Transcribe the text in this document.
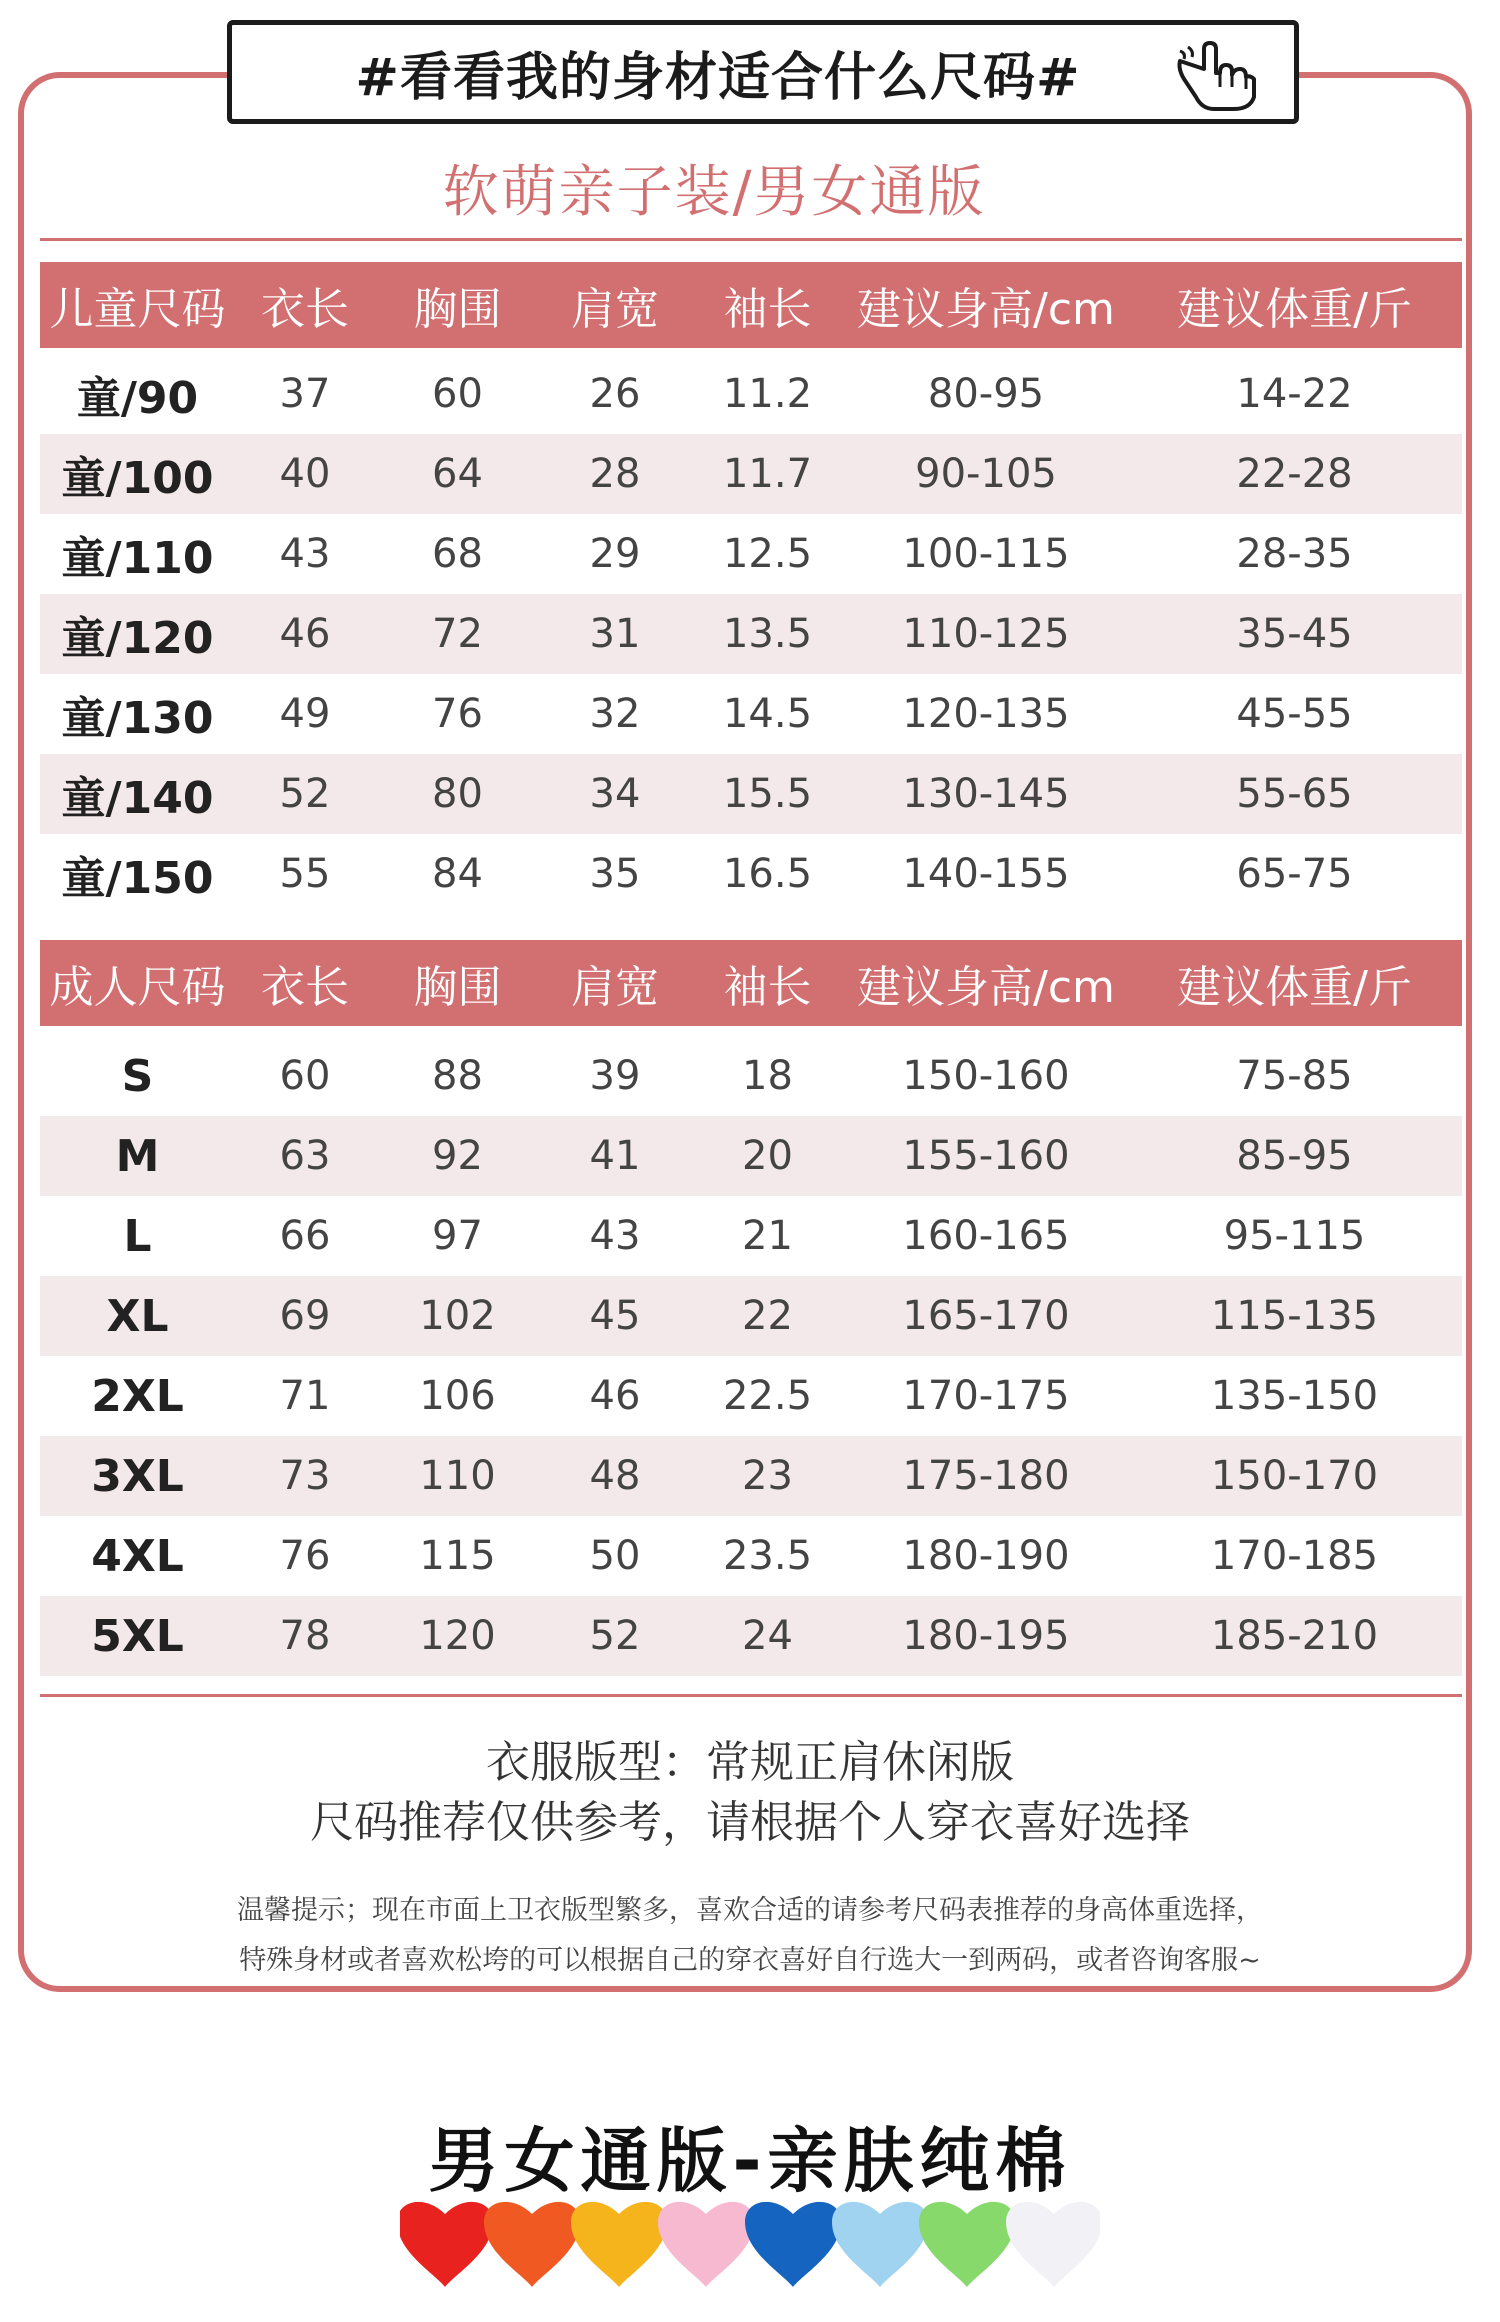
#看看我的身材适合什么尺码#
软萌亲子装/男女通版
儿童尺码 衣长	胸围	肩宽	袖长	建议身高/cm	建议体重/斤
童/90	37	60	26	11.2	80-95	14-22
童/100	40	64	28	11.7	90-105	22-28
童/110	43	68	29	12.5	100-115	28-35
童/120	46	72	31	13.5	110-125	35-45
童/130	49	76	32	14.5	120-135	45-55
童/140	52	80	34	15.5	130-145	55-65
童/150	55	84	35	16.5	140-155	65-75
成人尺码 衣长	胸围	肩宽	袖长	建议身高/cm	建议体重/斤
S	60	88	39	18	150-160	75-85
M	63	92	41	20	155-160	85-95
L	66	97	43	21	160-165	95-115
XL	69	102	45	22	165-170	115-135
2XL	71	106	46	22.5	170-175	135-150
3XL	73	110	48	23	175-180	150-170
4XL	76	115	50	23.5	180-190	170-185
5XL	78	120	52	24	180-195	185-210
衣服版型：常规正肩休闲版
尺码推荐仅供参考，请根据个人穿衣喜好选择
温馨提示；现在市面上卫衣版型繁多，喜欢合适的请参考尺码表推荐的身高体重选择，
特殊身材或者喜欢松垮的可以根据自己的穿衣喜好自行选大一到两码，或者咨询客服~
男女通版-亲肤纯棉
